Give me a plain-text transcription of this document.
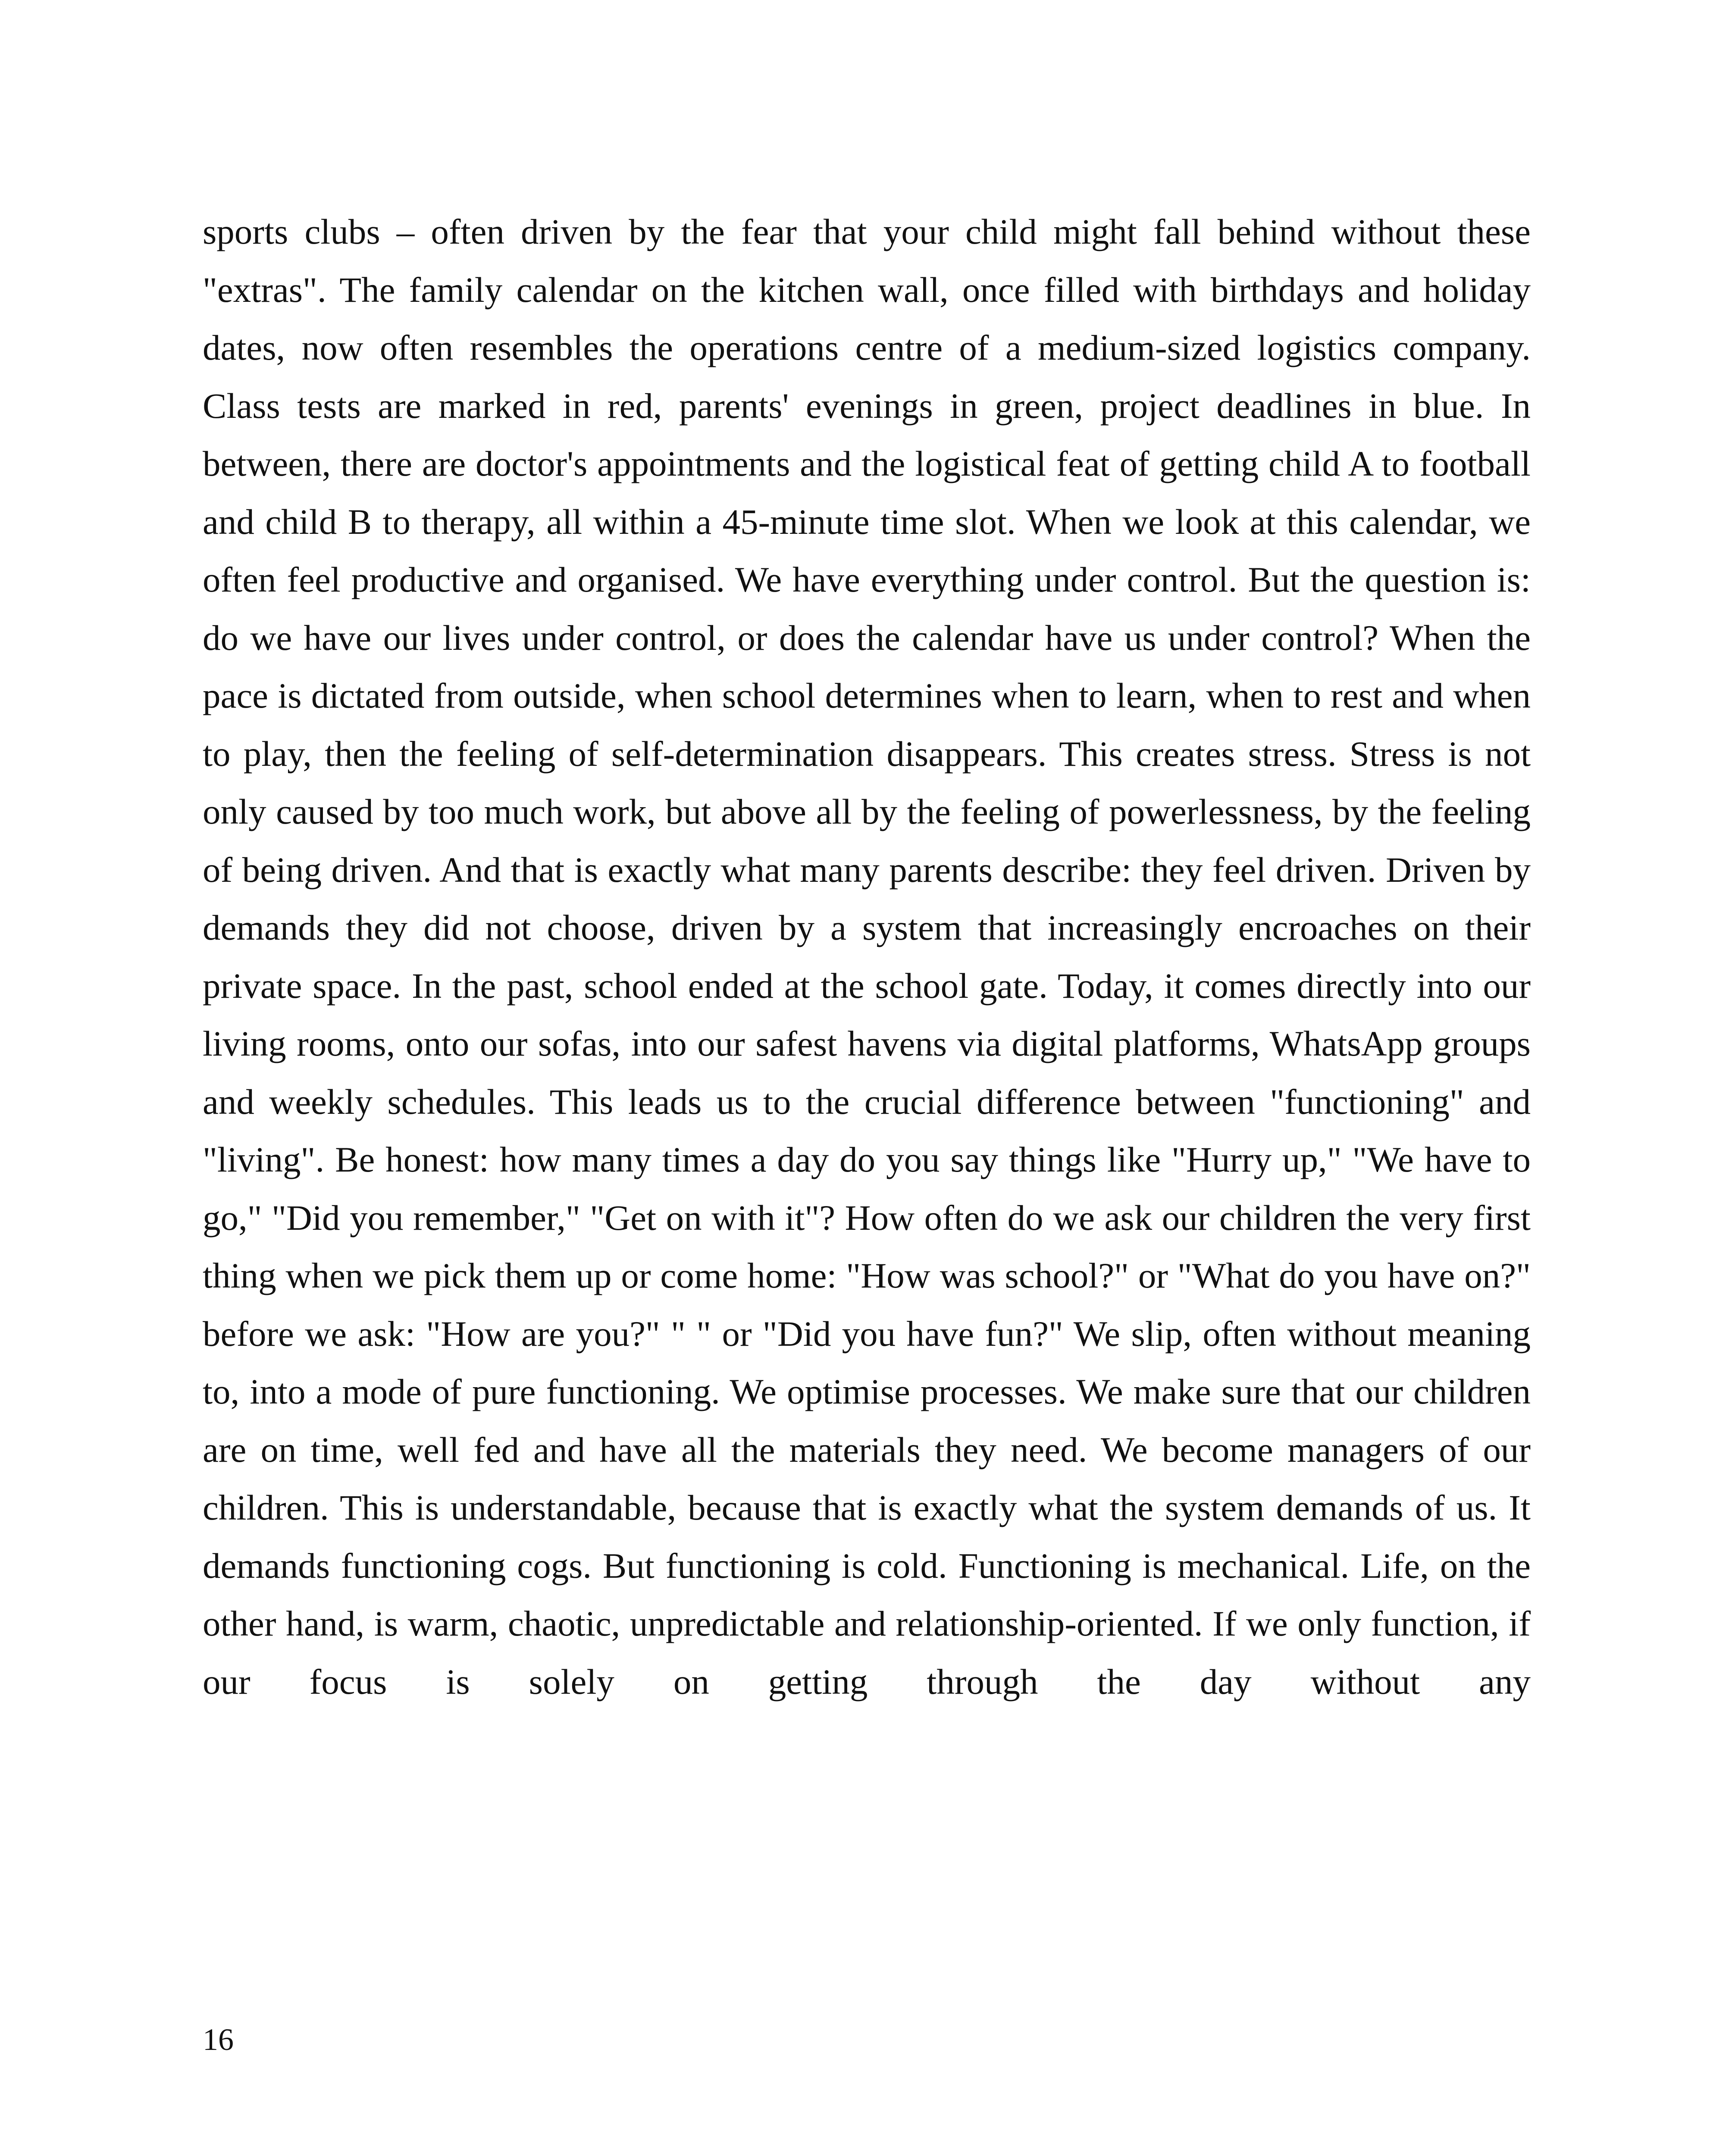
sports clubs – often driven by the fear that your child might fall behind without these "extras". The family calendar on the kitchen wall, once filled with birthdays and holiday dates, now often resembles the operations centre of a medium-sized logistics company. Class tests are marked in red, parents' evenings in green, project deadlines in blue. In between, there are doctor's appointments and the logistical feat of getting child A to football and child B to therapy, all within a 45-minute time slot. When we look at this calendar, we often feel productive and organised. We have everything under control. But the question is: do we have our lives under control, or does the calendar have us under control? When the pace is dictated from outside, when school determines when to learn, when to rest and when to play, then the feeling of self-determination disappears. This creates stress. Stress is not only caused by too much work, but above all by the feeling of powerlessness, by the feeling of being driven. And that is exactly what many parents describe: they feel driven. Driven by demands they did not choose, driven by a system that increasingly encroaches on their private space. In the past, school ended at the school gate. Today, it comes directly into our living rooms, onto our sofas, into our safest havens via digital platforms, WhatsApp groups and weekly schedules. This leads us to the crucial difference between "functioning" and "living". Be honest: how many times a day do you say things like "Hurry up," "We have to go," "Did you remember," "Get on with it"? How often do we ask our children the very first thing when we pick them up or come home: "How was school?" or "What do you have on?" before we ask: "How are you?" " " or "Did you have fun?" We slip, often without meaning to, into a mode of pure functioning. We optimise processes. We make sure that our children are on time, well fed and have all the materials they need. We become managers of our children. This is understandable, because that is exactly what the system demands of us. It demands functioning cogs. But functioning is cold. Functioning is mechanical. Life, on the other hand, is warm, chaotic, unpredictable and relationship-oriented. If we only function, if our focus is solely on getting through the day without any

16
